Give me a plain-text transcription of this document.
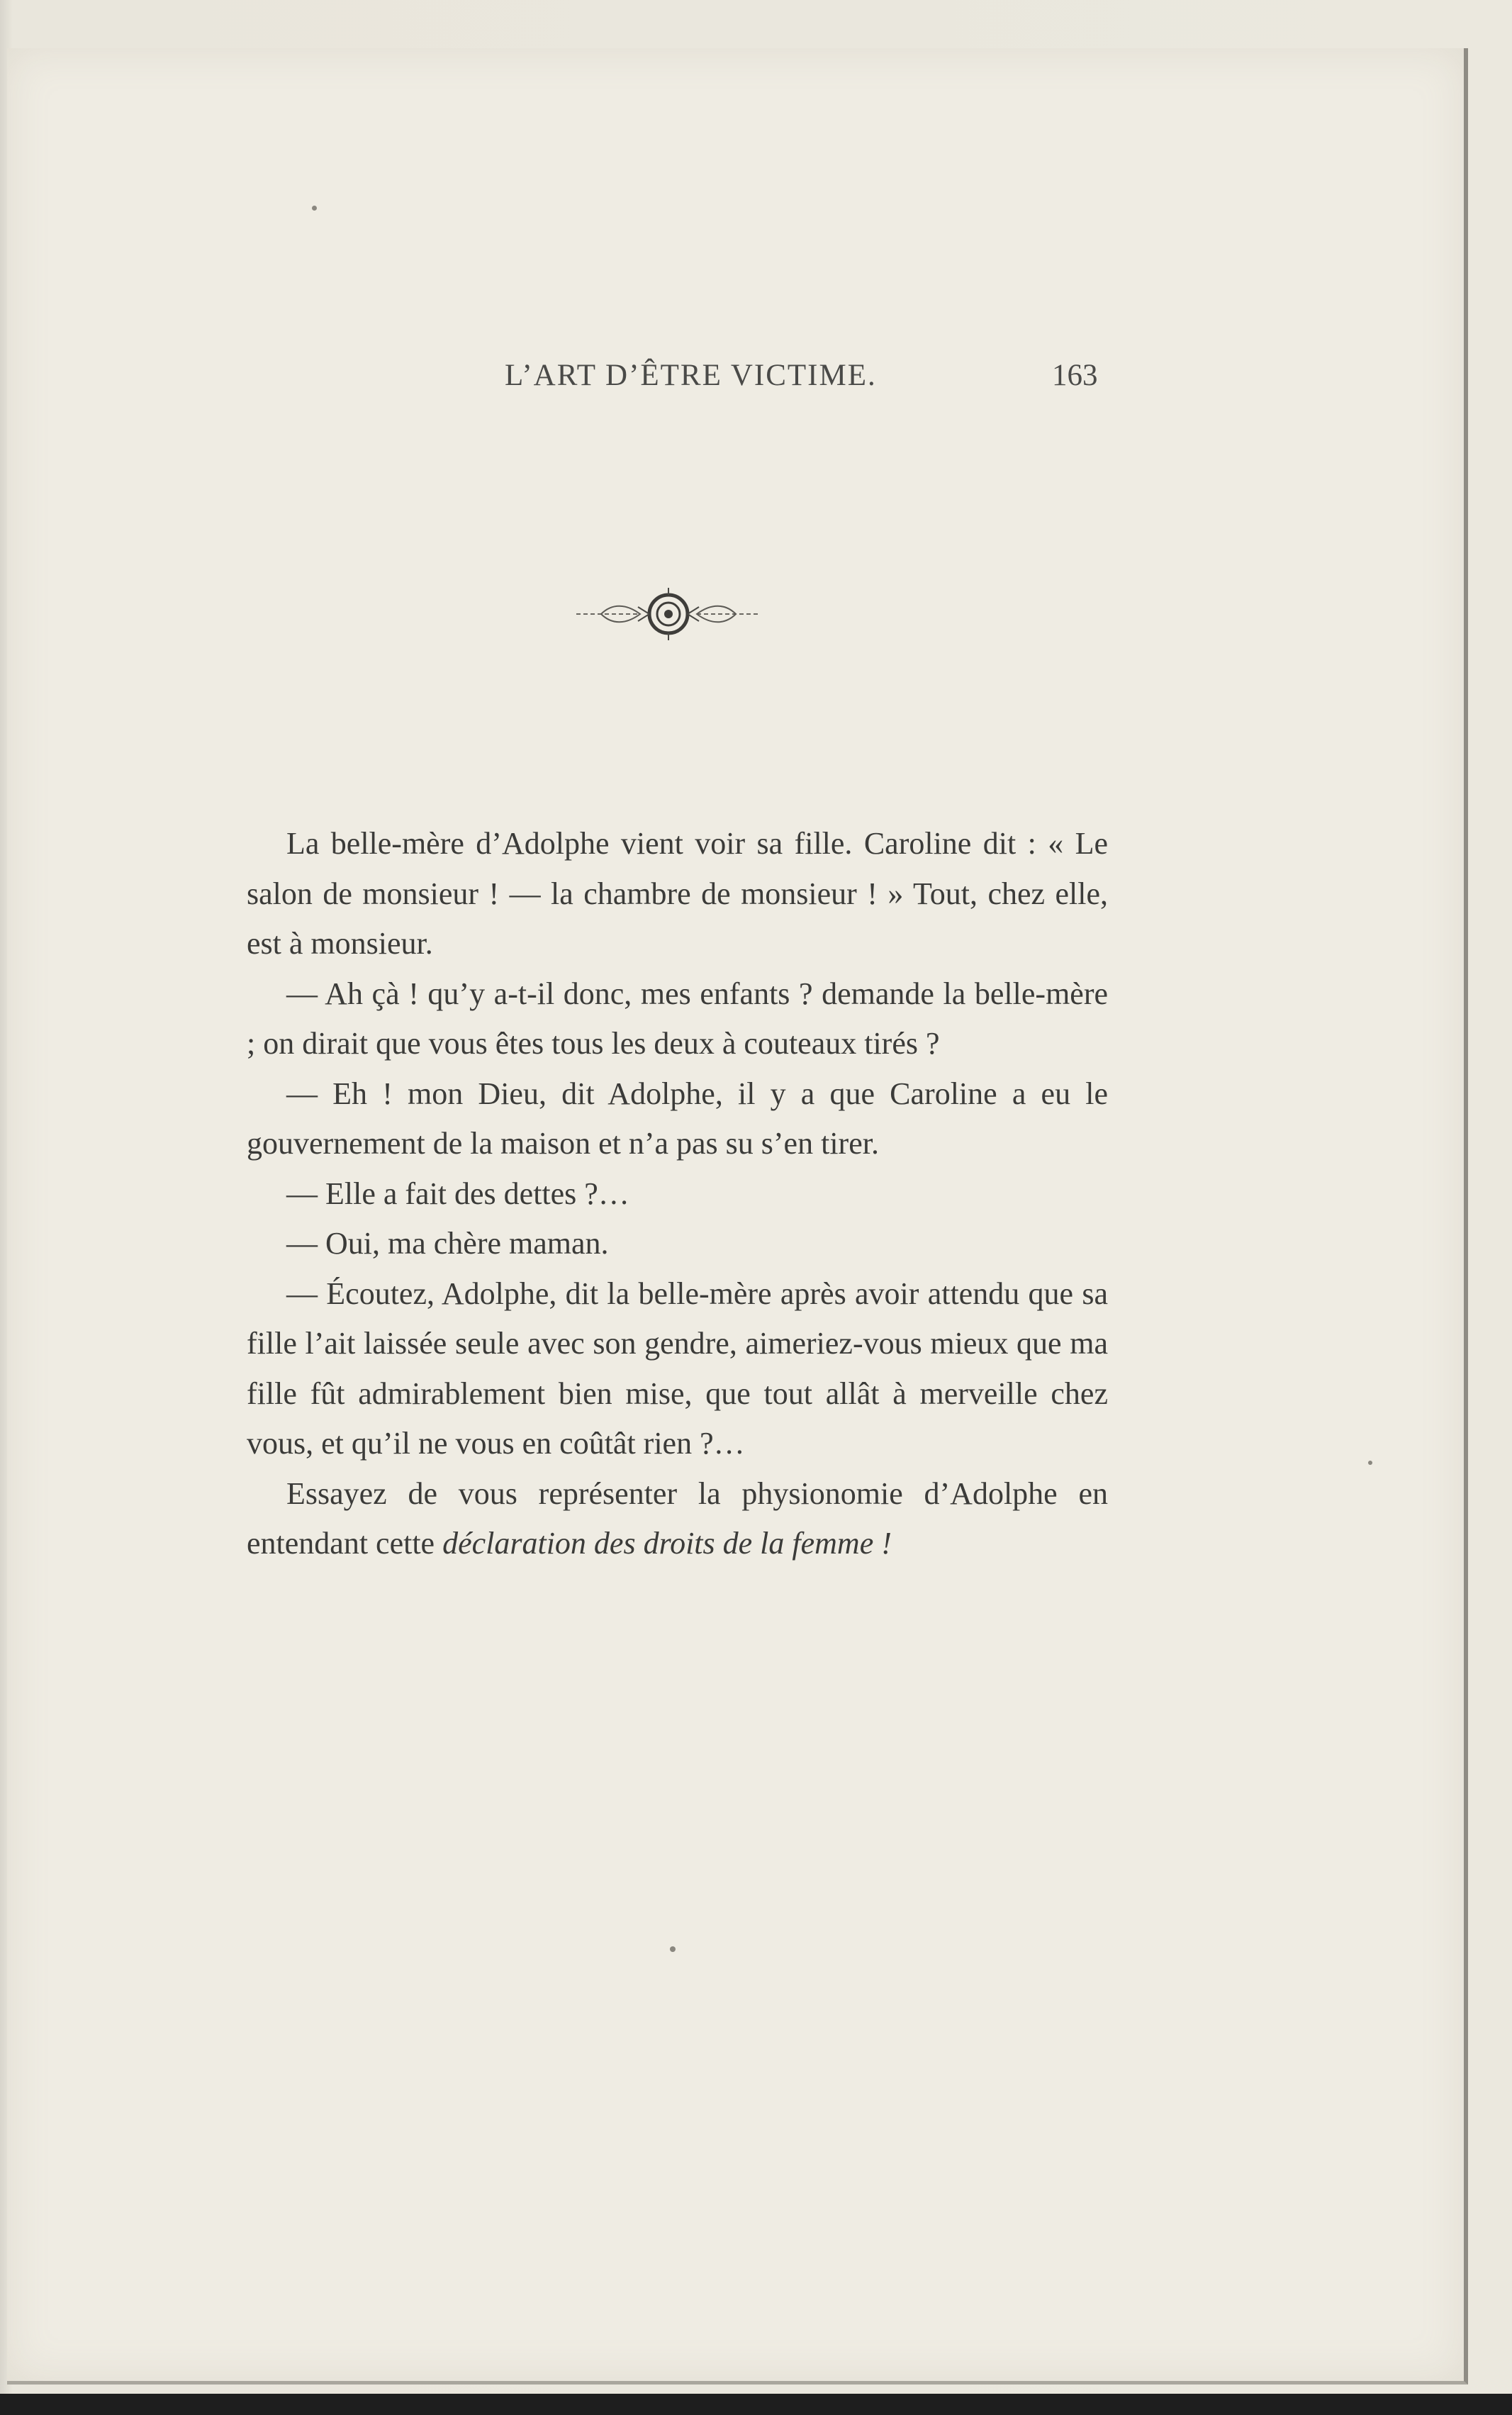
L’ART D’ÊTRE VICTIME.	163

La belle-mère d’Adolphe vient voir sa fille. Caroline dit : « Le salon de monsieur ! — la chambre de monsieur ! » Tout, chez elle, est à monsieur.

— Ah çà ! qu’y a-t-il donc, mes enfants ? demande la belle-mère ; on dirait que vous êtes tous les deux à couteaux tirés ?

— Eh ! mon Dieu, dit Adolphe, il y a que Caroline a eu le gouvernement de la maison et n’a pas su s’en tirer.

— Elle a fait des dettes ?…

— Oui, ma chère maman.

— Écoutez, Adolphe, dit la belle-mère après avoir attendu que sa fille l’ait laissée seule avec son gendre, aimeriez-vous mieux que ma fille fût admirablement bien mise, que tout allât à merveille chez vous, et qu’il ne vous en coûtât rien ?…

Essayez de vous représenter la physionomie d’Adolphe en entendant cette déclaration des droits de la femme !
